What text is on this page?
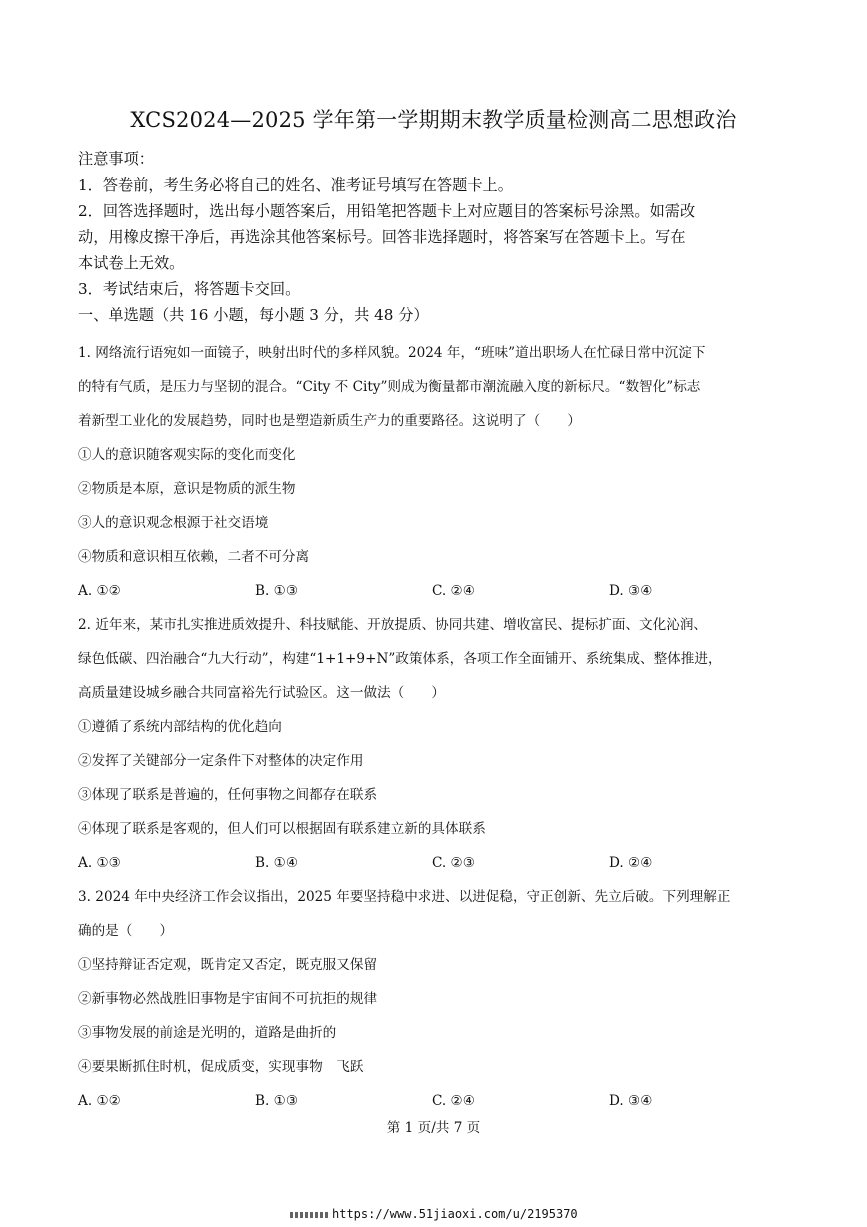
XCS2024—2025 学年第一学期期末教学质量检测高二思想政治
注意事项：
1．答卷前，考生务必将自己的姓名、准考证号填写在答题卡上。
2．回答选择题时，选出每小题答案后，用铅笔把答题卡上对应题目的答案标号涂黑。如需改
动，用橡皮擦干净后，再选涂其他答案标号。回答非选择题时，将答案写在答题卡上。写在
本试卷上无效。
3．考试结束后，将答题卡交回。
一、单选题（共 16 小题，每小题 3 分，共 48 分）
1. 网络流行语宛如一面镜子，映射出时代的多样风貌。2024 年，“班味”道出职场人在忙碌日常中沉淀下
的特有气质，是压力与坚韧的混合。“City 不 City”则成为衡量都市潮流融入度的新标尺。“数智化”标志
着新型工业化的发展趋势，同时也是塑造新质生产力的重要路径。这说明了（　　）
①人的意识随客观实际的变化而变化
②物质是本原，意识是物质的派生物
③人的意识观念根源于社交语境
④物质和意识相互依赖，二者不可分离
A. ①②	B. ①③	C. ②④	D. ③④
2. 近年来，某市扎实推进质效提升、科技赋能、开放提质、协同共建、增收富民、提标扩面、文化沁润、
绿色低碳、四治融合“九大行动”，构建“1+1+9+N”政策体系，各项工作全面铺开、系统集成、整体推进，
高质量建设城乡融合共同富裕先行试验区。这一做法（　　）
①遵循了系统内部结构的优化趋向
②发挥了关键部分一定条件下对整体的决定作用
③体现了联系是普遍的，任何事物之间都存在联系
④体现了联系是客观的，但人们可以根据固有联系建立新的具体联系
A. ①③	B. ①④	C. ②③	D. ②④
3. 2024 年中央经济工作会议指出，2025 年要坚持稳中求进、以进促稳，守正创新、先立后破。下列理解正
确的是（　　）
①坚持辩证否定观，既肯定又否定，既克服又保留
②新事物必然战胜旧事物是宇宙间不可抗拒的规律
③事物发展的前途是光明的，道路是曲折的
④要果断抓住时机，促成质变，实现事物　飞跃
A. ①②	B. ①③	C. ②④	D. ③④
第 1 页/共 7 页
https://www.51jiaoxi.com/u/2195370
